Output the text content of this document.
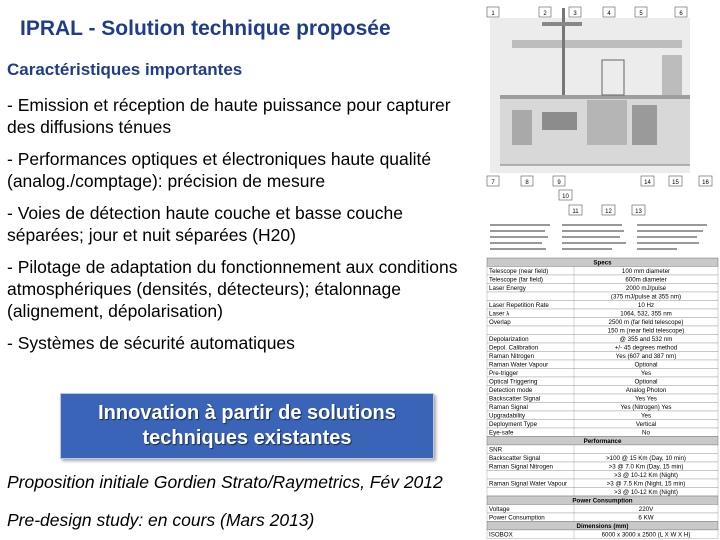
IPRAL - Solution technique proposée
Caractéristiques importantes
- Emission et réception de haute puissance pour capturer des diffusions ténues
- Performances optiques et électroniques haute qualité (analog./comptage): précision de mesure
- Voies de détection haute couche et basse couche séparées; jour et nuit séparées (H20)
- Pilotage de adaptation du fonctionnement aux conditions atmosphériques (densités, détecteurs); étalonnage (alignement, dépolarisation)
- Systèmes de sécurité automatiques
Innovation à partir de solutions
techniques existantes
Proposition initiale Gordien Strato/Raymetrics, Fév 2012
Pre-design study: en cours (Mars 2013)
1	2	3	4	5	6
7	8	9
10
14	15	16
11	12	13
Specs
Telescope (near field)	100 mm diameter
Telescope (far field)	600m diameter
Laser Energy	2000 mJ/pulse
(375 mJ/pulse at 355 nm)
Laser Repetition Rate	10 Hz
Laser λ	1064, 532, 355 nm
Overlap	2500 m (far field telescope)
150 m (near field telescope)
Depolarization	@ 355 and 532 nm
Depol. Calibration	+/- 45 degrees method
Raman Nitrogen	Yes (607 and 387 nm)
Raman Water Vapour	Optional
Pre-trigger	Yes
Optical Triggering	Optional
Detection mode	Analog Photon
Backscatter Signal	Yes Yes
Raman Signal	Yes (Nitrogen) Yes
Upgradability	Yes
Deployment Type	Vertical
Eye-safe	No
Performance
SNR
Backscatter Signal	>100 @ 15 Km (Day, 10 min)
Raman Signal Nitrogen	>3 @ 7.0 Km (Day, 15 min)
>3 @ 10-12 Km (Night)
Raman Signal Water Vapour	>3 @ 7.5 Km (Night, 15 min)
>3 @ 10-12 Km (Night)
Power Consumption
Voltage	220V
Power Consumption	6 KW
Dimensions (mm)
ISOBOX	6000 x 3000 x 2500 (L X W X H)
